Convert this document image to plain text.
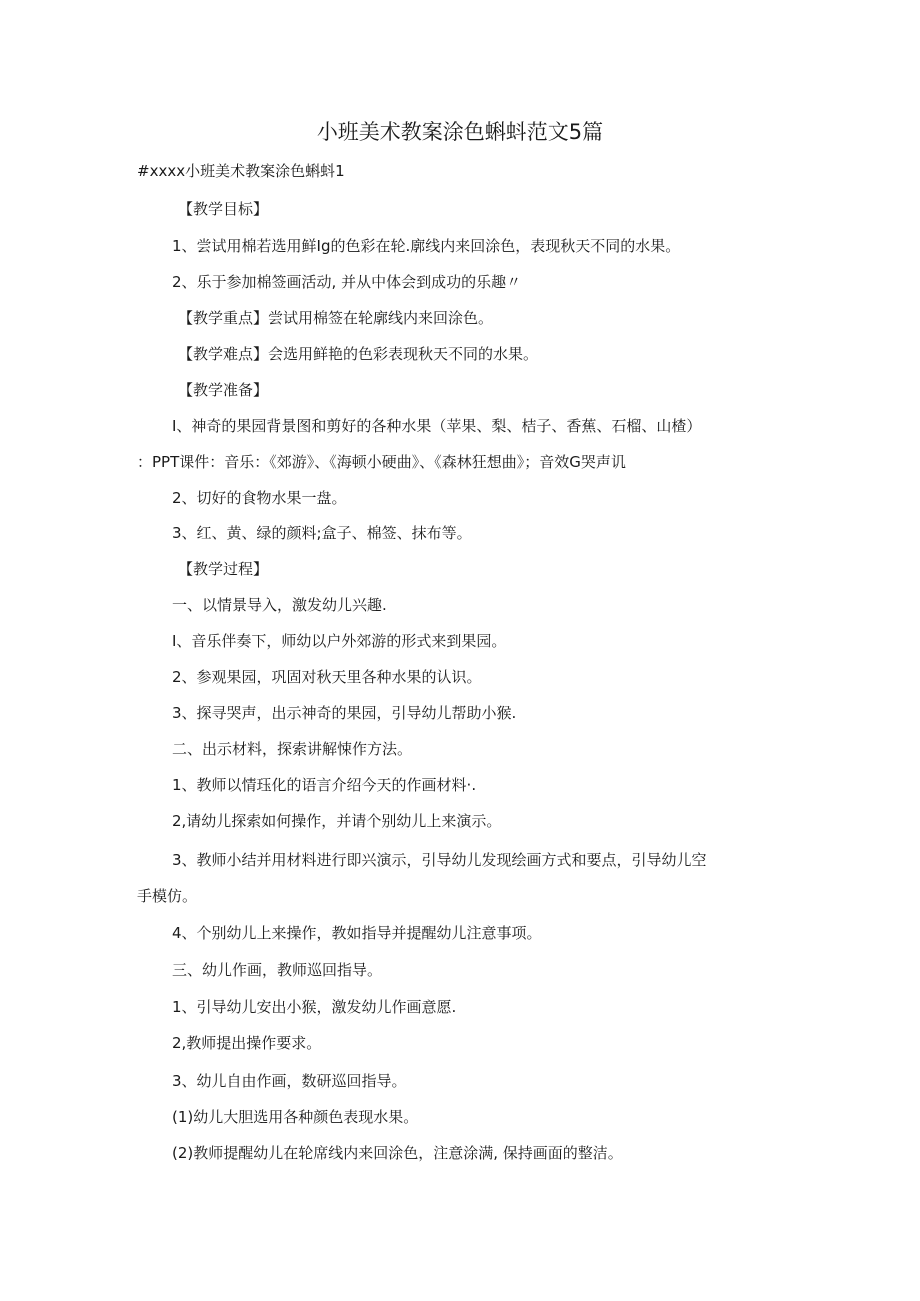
小班美术教案涂色蝌蚪范文5篇

#xxxx小班美术教案涂色蝌蚪1

【教学目标】

1、尝试用棉若选用鲜Ig的色彩在轮.廓线内来回涂色，表现秋天不同的水果。

2、乐于参加棉签画活动, 并从中体会到成功的乐趣〃

【教学重点】尝试用棉签在轮廓线内来回涂色。

【教学难点】会选用鲜艳的色彩表现秋天不同的水果。

【教学准备】

I、神奇的果园背景图和剪好的各种水果（苹果、梨、桔子、香蕉、石榴、山楂）

：PPT课件：音乐：《郊游》、《海顿小硬曲》、《森林狂想曲》；音效G哭声讥

2、切好的食物水果一盘。

3、红、黄、绿的颜料;盒子、棉签、抹布等。

【教学过程】

一、以情景导入，激发幼儿兴趣.

I、音乐伴奏下，师幼以户外郊游的形式来到果园。

2、参观果园，巩固对秋天里各种水果的认识。

3、探寻哭声，出示神奇的果园，引导幼儿帮助小猴.

二、出示材料，探索讲解悚作方法。

1、教师以情珏化的语言介绍今天的作画材料·.

2,请幼儿探索如何操作，并请个别幼儿上来演示。

3、教师小结并用材料进行即兴演示，引导幼儿发现绘画方式和要点，引导幼儿空

手模仿。

4、个别幼儿上来操作，教如指导并提醒幼儿注意事项。

三、幼儿作画，教师巡回指导。

1、引导幼儿安出小猴，激发幼儿作画意愿.

2,教师提出操作要求。

3、幼儿自由作画，数研巡回指导。

(1)幼儿大胆选用各种颜色表现水果。

(2)教师提醒幼儿在轮席线内来回涂色，注意涂满, 保持画面的整洁。
